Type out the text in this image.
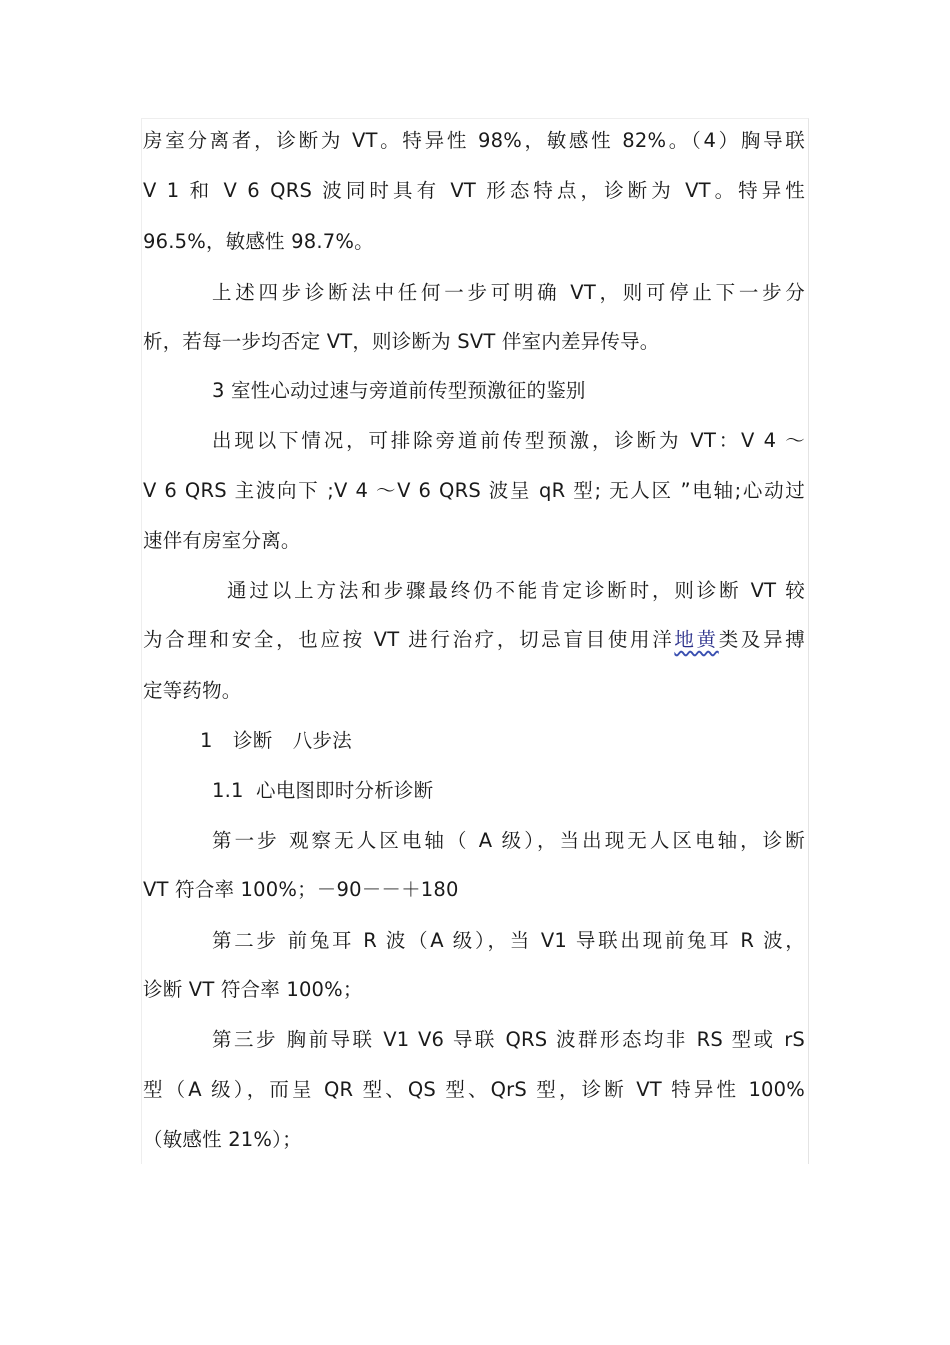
房室分离者，诊断为 VT。特异性 98%，敏感性 82%。（4）胸导联
V 1 和 V 6 QRS 波同时具有 VT 形态特点，诊断为 VT。特异性
96.5%，敏感性 98.7%。
上述四步诊断法中任何一步可明确 VT，则可停止下一步分
析，若每一步均否定 VT，则诊断为 SVT 伴室内差异传导。
3 室性心动过速与旁道前传型预激征的鉴别
出现以下情况，可排除旁道前传型预激，诊断为 VT：V 4 ～
V 6 QRS 主波向下 ;V 4 ～V 6 QRS 波呈 qR 型; 无人区 ”电轴;心动过
速伴有房室分离。
通过以上方法和步骤最终仍不能肯定诊断时，则诊断 VT 较
为合理和安全，也应按 VT 进行治疗，切忌盲目使用洋地黄类及异搏
定等药物。
1 诊断 八步法
1.1 心电图即时分析诊断
第一步 观察无人区电轴（ A 级），当出现无人区电轴，诊断
VT 符合率 100%；－90－－＋180
第二步 前兔耳 R 波（A 级），当 V1 导联出现前兔耳 R 波，
诊断 VT 符合率 100%；
第三步 胸前导联 V1 V6 导联 QRS 波群形态均非 RS 型或 rS
型（A 级），而呈 QR 型、QS 型、QrS 型，诊断 VT 特异性 100%
（敏感性 21%）；
